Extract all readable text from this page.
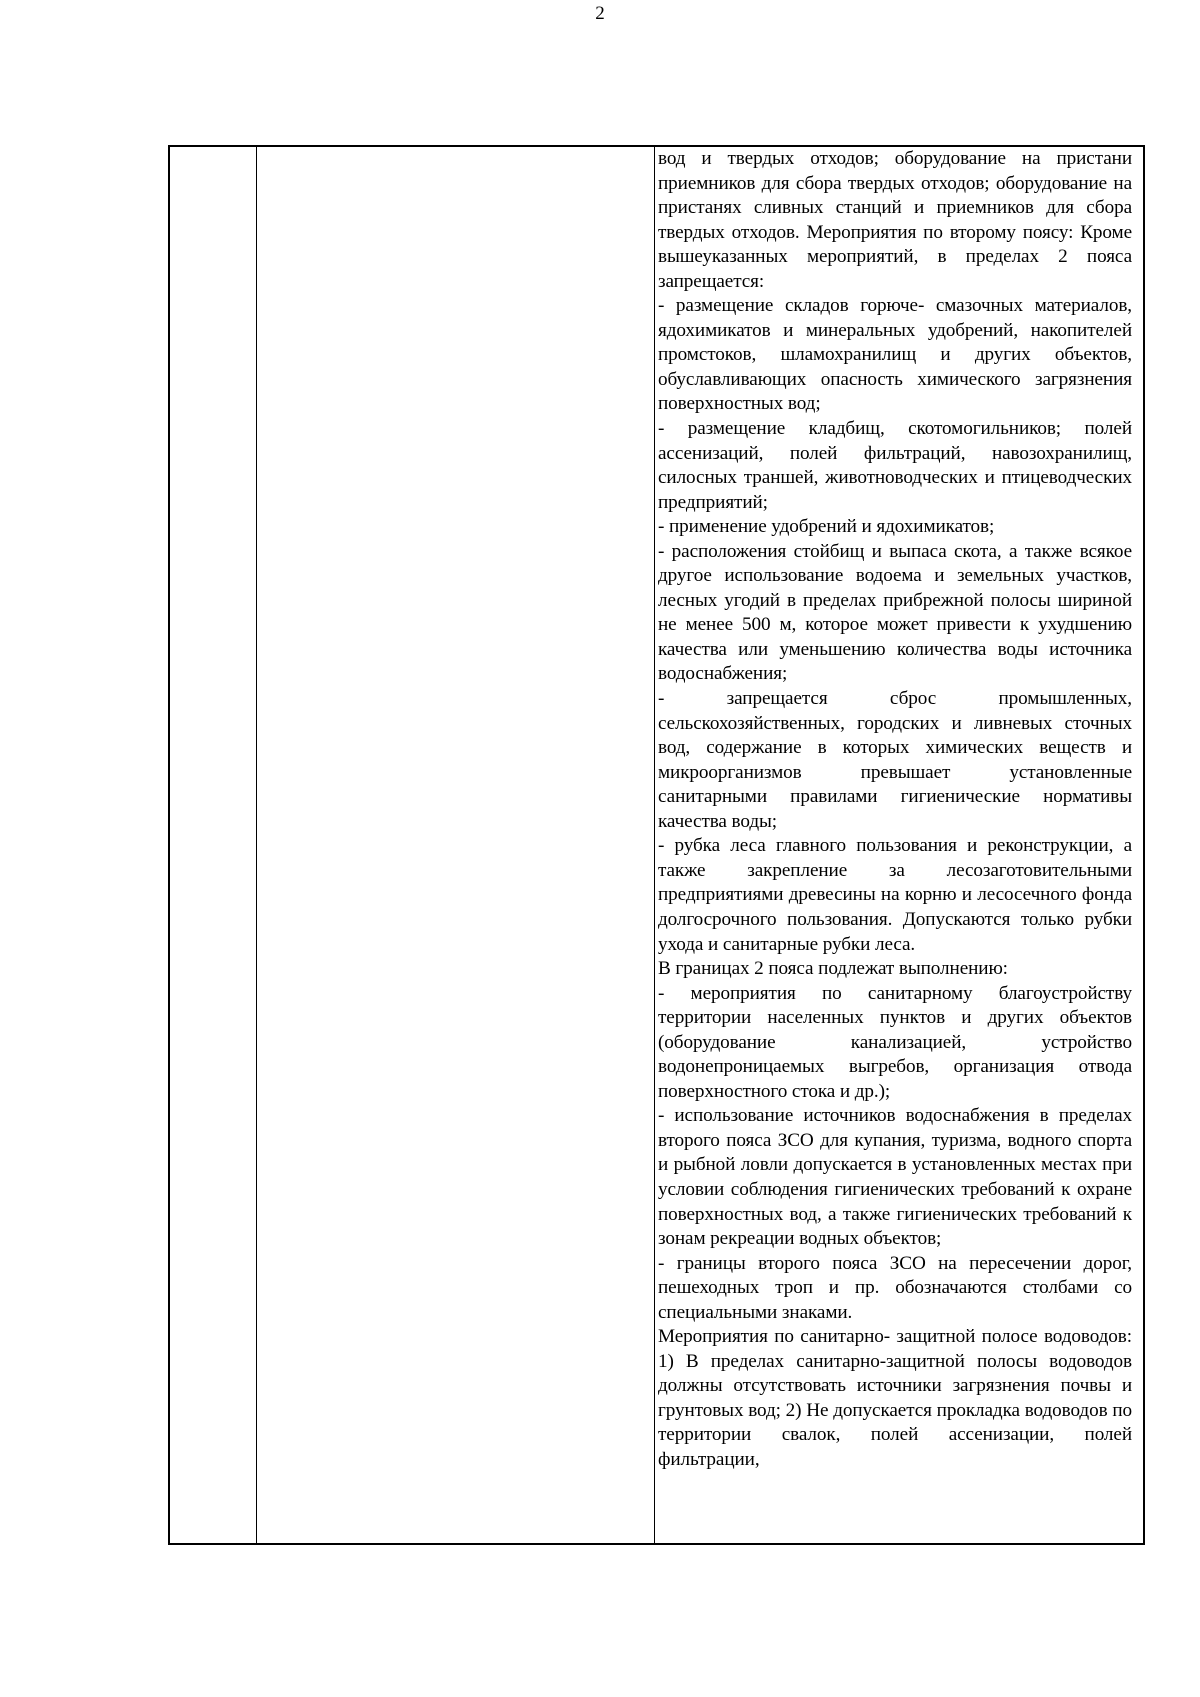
2

вод и твердых отходов; оборудование на пристани приемников для сбора твердых отходов; оборудование на пристанях сливных станций и приемников для сбора твердых отходов. Мероприятия по второму поясу: Кроме вышеуказанных мероприятий, в пределах 2 пояса запрещается:

- размещение складов горюче- смазочных материалов, ядохимикатов и минеральных удобрений, накопителей промстоков, шламохранилищ и других объектов, обуславливающих опасность химического загрязнения поверхностных вод;

- размещение кладбищ, скотомогильников; полей ассенизаций, полей фильтраций, навозохранилищ, силосных траншей, животноводческих и птицеводческих предприятий;

- применение удобрений и ядохимикатов;

- расположения стойбищ и выпаса скота, а также всякое другое использование водоема и земельных участков, лесных угодий в пределах прибрежной полосы шириной не менее 500 м, которое может привести к ухудшению качества или уменьшению количества воды источника водоснабжения;

- запрещается сброс промышленных, сельскохозяйственных, городских и ливневых сточных вод, содержание в которых химических веществ и микроорганизмов превышает установленные санитарными правилами гигиенические нормативы качества воды;

- рубка леса главного пользования и реконструкции, а также закрепление за лесозаготовительными предприятиями древесины на корню и лесосечного фонда долгосрочного пользования. Допускаются только рубки ухода и санитарные рубки леса.

В границах 2 пояса подлежат выполнению:

- мероприятия по санитарному благоустройству территории населенных пунктов и других объектов (оборудование канализацией, устройство водонепроницаемых выгребов, организация отвода поверхностного стока и др.);

- использование источников водоснабжения в пределах второго пояса ЗСО для купания, туризма, водного спорта и рыбной ловли допускается в установленных местах при условии соблюдения гигиенических требований к охране поверхностных вод, а также гигиенических требований к зонам рекреации водных объектов;

- границы второго пояса ЗСО на пересечении дорог, пешеходных троп и пр. обозначаются столбами со специальными знаками.

Мероприятия по санитарно- защитной полосе водоводов: 1) В пределах санитарно-защитной полосы водоводов должны отсутствовать источники загрязнения почвы и грунтовых вод; 2) Не допускается прокладка водоводов по территории свалок, полей ассенизации, полей фильтрации,
